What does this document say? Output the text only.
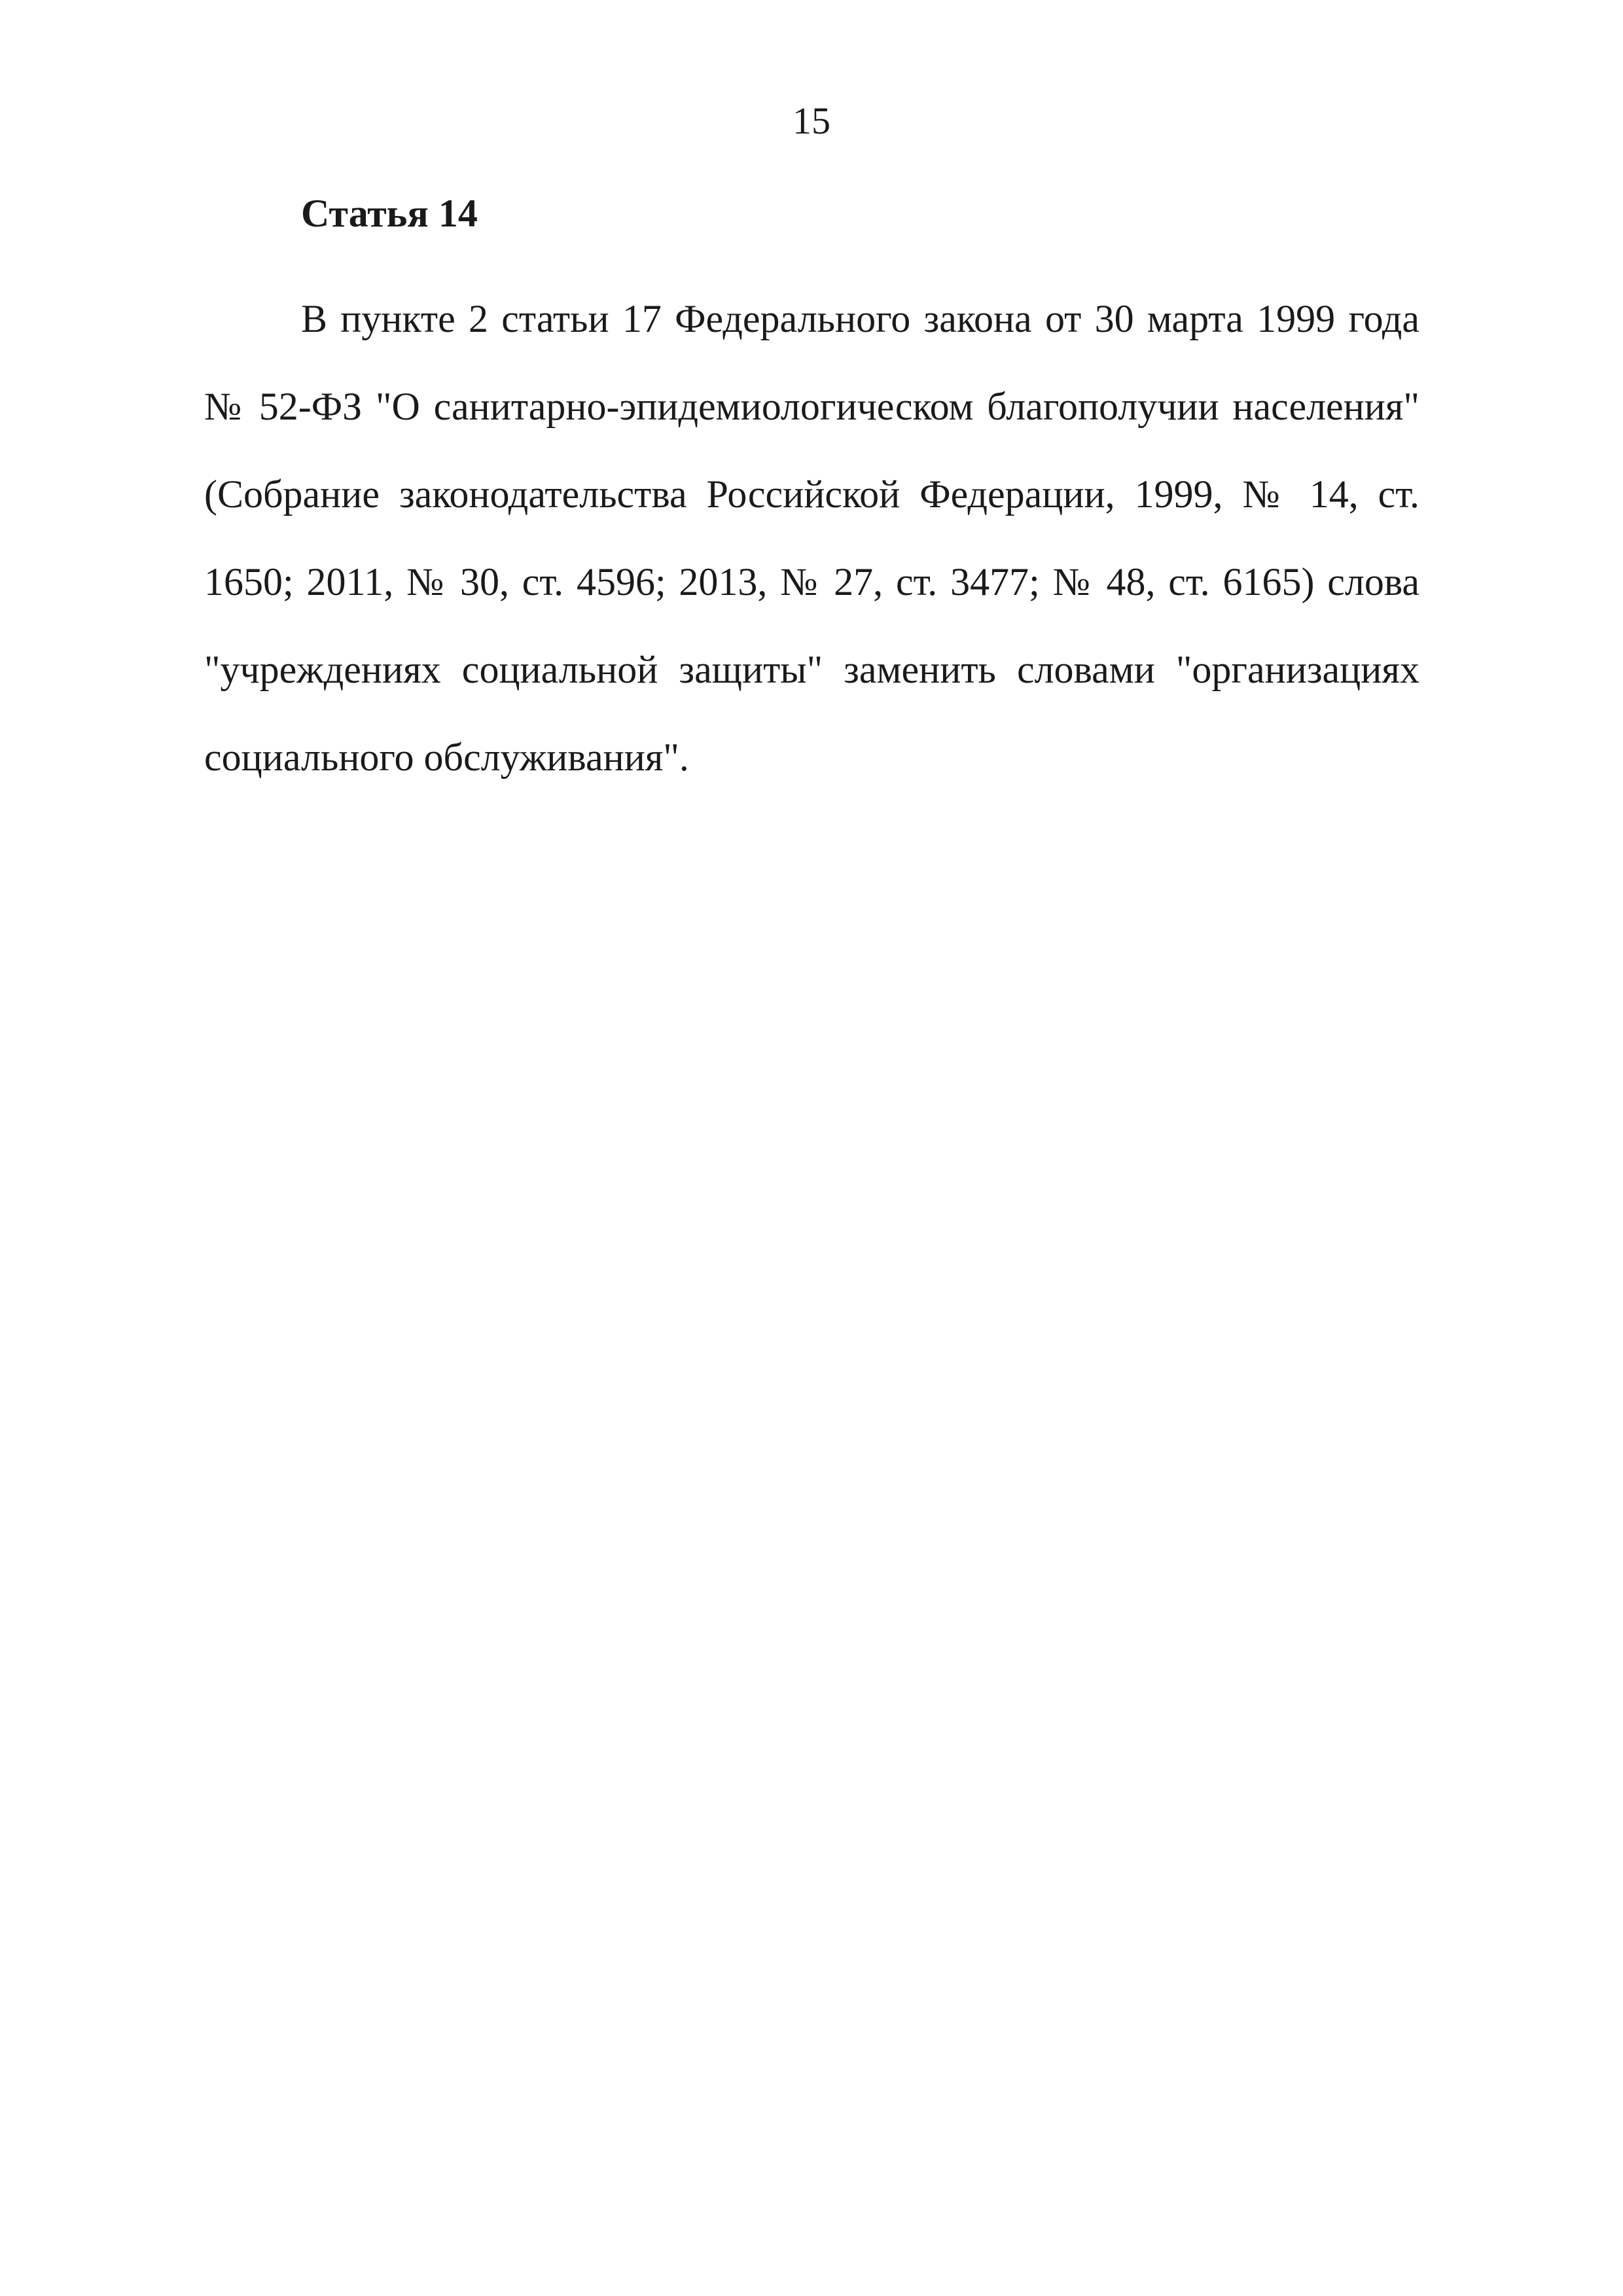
15
Статья 14

В пункте 2 статьи 17 Федерального закона от 30 марта 1999 года № 52-ФЗ "О санитарно-эпидемиологическом благополучии населения" (Собрание законодательства Российской Федерации, 1999, № 14, ст. 1650; 2011, № 30, ст. 4596; 2013, № 27, ст. 3477; № 48, ст. 6165) слова "учреждениях социальной защиты" заменить словами "организациях социального обслуживания".
